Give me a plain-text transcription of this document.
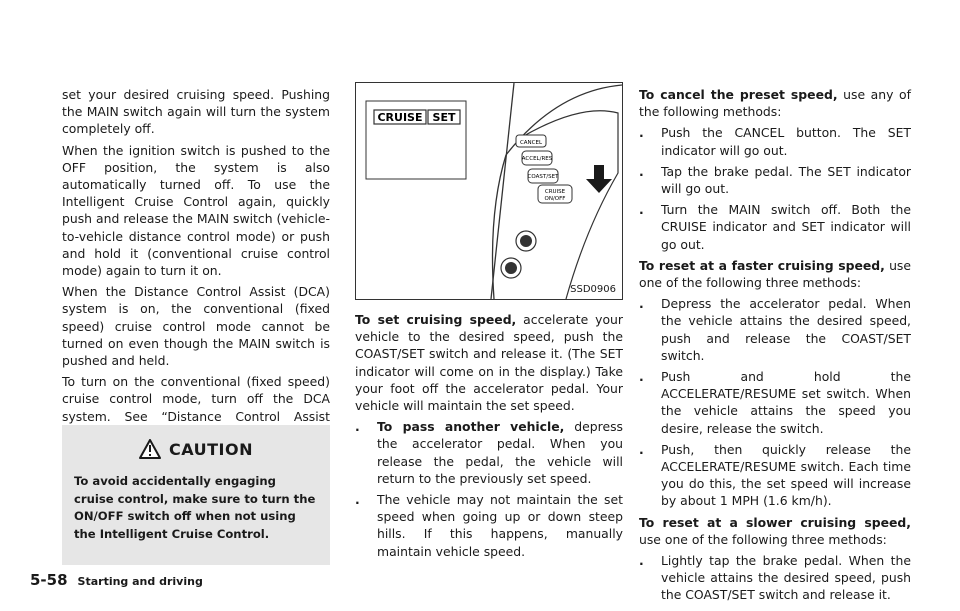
set your desired cruising speed. Pushing the MAIN switch again will turn the system completely off.

When the ignition switch is pushed to the OFF position, the system is also automatically turned off. To use the Intelligent Cruise Control again, quickly push and release the MAIN switch (vehicle-to-vehicle distance control mode) or push and hold it (conventional cruise control mode) again to turn it on.

When the Distance Control Assist (DCA) system is on, the conventional (fixed speed) cruise control mode cannot be turned on even though the MAIN switch is pushed and held.

To turn on the conventional (fixed speed) cruise control mode, turn off the DCA system. See “Distance Control Assist

CAUTION
To avoid accidentally engaging cruise control, make sure to turn the ON/OFF switch off when not using the Intelligent Cruise Control.
CRUISE SET
CANCEL
ACCEL/RES
COAST/SET
CRUISE
ON/OFF
SSD0906

To set cruising speed, accelerate your vehicle to the desired speed, push the COAST/SET switch and release it. (The SET indicator will come on in the display.) Take your foot off the accelerator pedal. Your vehicle will maintain the set speed.

.	To pass another vehicle, depress the accelerator pedal. When you release the pedal, the vehicle will return to the previously set speed.
.	The vehicle may not maintain the set speed when going up or down steep hills. If this happens, manually maintain vehicle speed.

To cancel the preset speed, use any of the following methods:

.	Push the CANCEL button. The SET indicator will go out.
.	Tap the brake pedal. The SET indicator will go out.
.	Turn the MAIN switch off. Both the CRUISE indicator and SET indicator will go out.

To reset at a faster cruising speed, use one of the following three methods:

.	Depress the accelerator pedal. When the vehicle attains the desired speed, push and release the COAST/SET switch.
.	Push and hold the ACCELERATE/RESUME set switch. When the vehicle attains the speed you desire, release the switch.
.	Push, then quickly release the ACCELERATE/RESUME switch. Each time you do this, the set speed will increase by about 1 MPH (1.6 km/h).

To reset at a slower cruising speed, use one of the following three methods:

.	Lightly tap the brake pedal. When the vehicle attains the desired speed, push the COAST/SET switch and release it.
5-58 Starting and driving
